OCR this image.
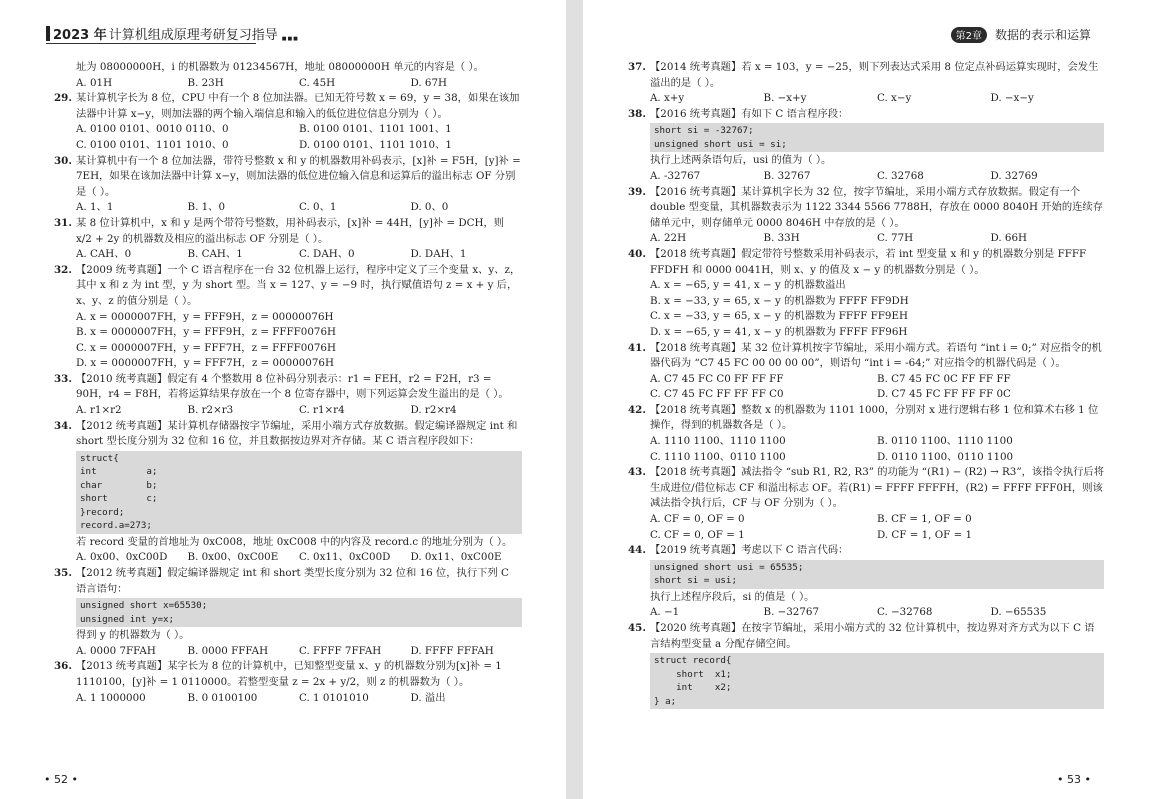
2023 年 计算机组成原理考研复习指导 ■■■
址为 08000000H，i 的机器数为 01234567H，地址 08000000H 单元的内容是（ ）。
A. 01H	B. 23H	C. 45H	D. 67H
29. 某计算机字长为 8 位，CPU 中有一个 8 位加法器。已知无符号数 x = 69，y = 38，如果在该加法器中计算 x−y，则加法器的两个输入端信息和输入的低位进位信息分别为（ ）。
A. 0100 0101、0010 0110、0	B. 0100 0101、1101 1001、1
C. 0100 0101、1101 1010、0	D. 0100 0101、1101 1010、1
30. 某计算机中有一个 8 位加法器，带符号整数 x 和 y 的机器数用补码表示，[x]补 = F5H，[y]补 = 7EH，如果在该加法器中计算 x−y，则加法器的低位进位输入信息和运算后的溢出标志 OF 分别是（ ）。
A. 1、1	B. 1、0	C. 0、1	D. 0、0
31. 某 8 位计算机中，x 和 y 是两个带符号整数，用补码表示，[x]补 = 44H，[y]补 = DCH，则 x/2 + 2y 的机器数及相应的溢出标志 OF 分别是（ ）。
A. CAH、0	B. CAH、1	C. DAH、0	D. DAH、1
32. 【2009 统考真题】一个 C 语言程序在一台 32 位机器上运行，程序中定义了三个变量 x、y、z，其中 x 和 z 为 int 型，y 为 short 型。当 x = 127、y = −9 时，执行赋值语句 z = x + y 后，x、y、z 的值分别是（ ）。
A. x = 0000007FH，y = FFF9H，z = 00000076H
B. x = 0000007FH，y = FFF9H，z = FFFF0076H
C. x = 0000007FH，y = FFF7H，z = FFFF0076H
D. x = 0000007FH，y = FFF7H，z = 00000076H
33. 【2010 统考真题】假定有 4 个整数用 8 位补码分别表示：r1 = FEH，r2 = F2H，r3 = 90H，r4 = F8H，若将运算结果存放在一个 8 位寄存器中，则下列运算会发生溢出的是（ ）。
A. r1×r2	B. r2×r3	C. r1×r4	D. r2×r4
34. 【2012 统考真题】某计算机存储器按字节编址，采用小端方式存放数据。假定编译器规定 int 和 short 型长度分别为 32 位和 16 位，并且数据按边界对齐存储。某 C 语言程序段如下：
struct{
int         a;
char        b;
short       c;
}record;
record.a=273;
若 record 变量的首地址为 0xC008，地址 0xC008 中的内容及 record.c 的地址分别为（ ）。
A. 0x00、0xC00D	B. 0x00、0xC00E	C. 0x11、0xC00D	D. 0x11、0xC00E
35. 【2012 统考真题】假定编译器规定 int 和 short 类型长度分别为 32 位和 16 位，执行下列 C 语言语句：
unsigned short x=65530;
unsigned int y=x;
得到 y 的机器数为（ ）。
A. 0000 7FFAH	B. 0000 FFFAH	C. FFFF 7FFAH	D. FFFF FFFAH
36. 【2013 统考真题】某字长为 8 位的计算机中，已知整型变量 x、y 的机器数分别为[x]补 = 1 1110100，[y]补 = 1 0110000。若整型变量 z = 2x + y/2，则 z 的机器数为（ ）。
A. 1 1000000	B. 0 0100100	C. 1 0101010	D. 溢出
• 52 •
第2章	数据的表示和运算
37. 【2014 统考真题】若 x = 103，y = −25，则下列表达式采用 8 位定点补码运算实现时，会发生溢出的是（ ）。
A. x+y	B. −x+y	C. x−y	D. −x−y
38. 【2016 统考真题】有如下 C 语言程序段：
short si = -32767;
unsigned short usi = si;
执行上述两条语句后，usi 的值为（ ）。
A. -32767	B. 32767	C. 32768	D. 32769
39. 【2016 统考真题】某计算机字长为 32 位，按字节编址，采用小端方式存放数据。假定有一个 double 型变量，其机器数表示为 1122 3344 5566 7788H，存放在 0000 8040H 开始的连续存储单元中，则存储单元 0000 8046H 中存放的是（ ）。
A. 22H	B. 33H	C. 77H	D. 66H
40. 【2018 统考真题】假定带符号整数采用补码表示，若 int 型变量 x 和 y 的机器数分别是 FFFF FFDFH 和 0000 0041H，则 x、y 的值及 x − y 的机器数分别是（ ）。
A. x = −65, y = 41, x − y 的机器数溢出
B. x = −33, y = 65, x − y 的机器数为 FFFF FF9DH
C. x = −33, y = 65, x − y 的机器数为 FFFF FF9EH
D. x = −65, y = 41, x − y 的机器数为 FFFF FF96H
41. 【2018 统考真题】某 32 位计算机按字节编址，采用小端方式。若语句 “int i = 0;” 对应指令的机器代码为 “C7 45 FC 00 00 00 00”，则语句 “int i = -64;” 对应指令的机器代码是（ ）。
A. C7 45 FC C0 FF FF FF	B. C7 45 FC 0C FF FF FF
C. C7 45 FC FF FF FF C0	D. C7 45 FC FF FF FF 0C
42. 【2018 统考真题】整数 x 的机器数为 1101 1000，分别对 x 进行逻辑右移 1 位和算术右移 1 位操作，得到的机器数各是（ ）。
A. 1110 1100、1110 1100	B. 0110 1100、1110 1100
C. 1110 1100、0110 1100	D. 0110 1100、0110 1100
43. 【2018 统考真题】减法指令 “sub R1, R2, R3” 的功能为 “(R1) − (R2) → R3”，该指令执行后将生成进位/借位标志 CF 和溢出标志 OF。若(R1) = FFFF FFFFH，(R2) = FFFF FFF0H，则该减法指令执行后，CF 与 OF 分别为（ ）。
A. CF = 0, OF = 0	B. CF = 1, OF = 0
C. CF = 0, OF = 1	D. CF = 1, OF = 1
44. 【2019 统考真题】考虑以下 C 语言代码：
unsigned short usi = 65535;
short si = usi;
执行上述程序段后，si 的值是（ ）。
A. −1	B. −32767	C. −32768	D. −65535
45. 【2020 统考真题】在按字节编址，采用小端方式的 32 位计算机中，按边界对齐方式为以下 C 语言结构型变量 a 分配存储空间。
struct record{
short  x1;
int    x2;
} a;
• 53 •
